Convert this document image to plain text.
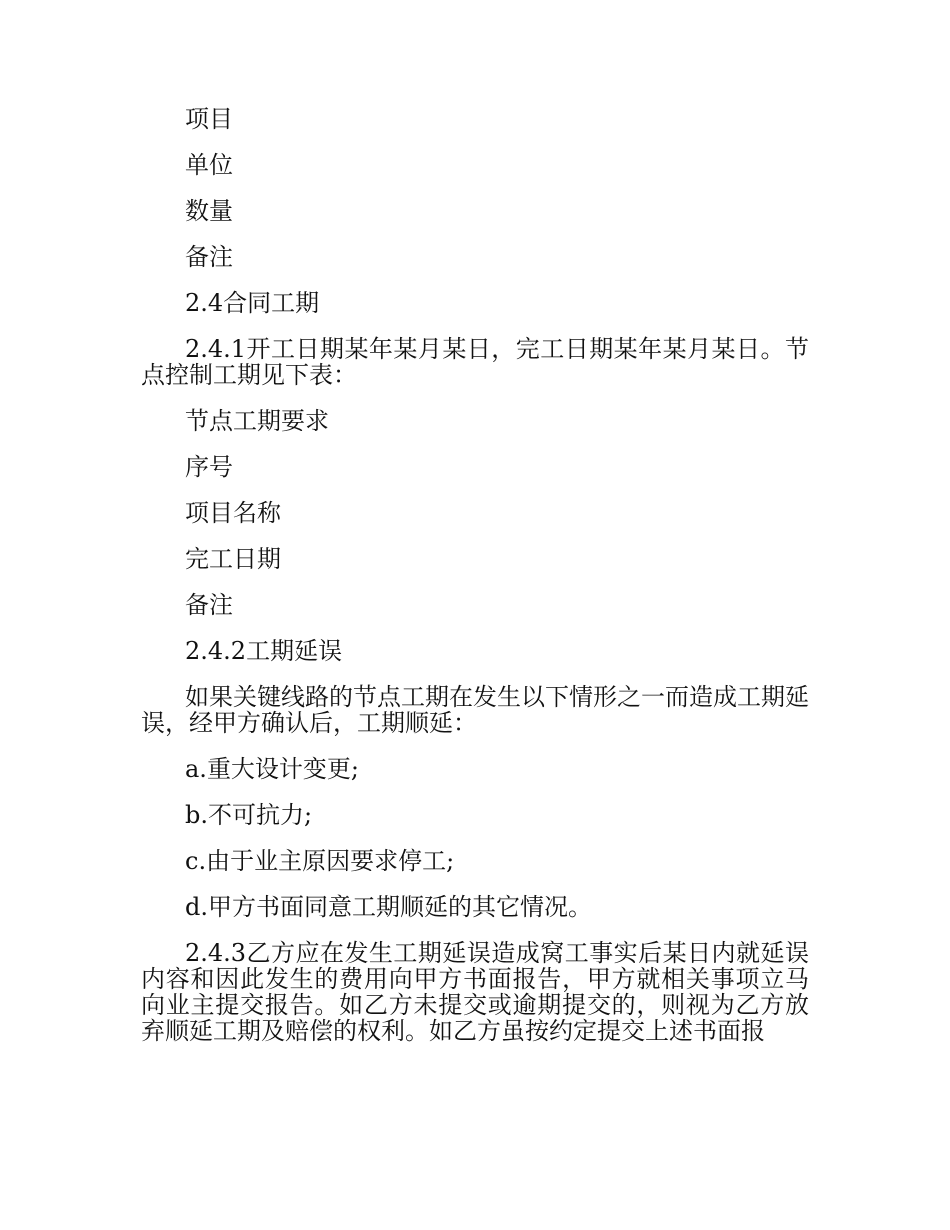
项目

单位

数量

备注

2.4合同工期

2.4.1开工日期某年某月某日，完工日期某年某月某日。节点控制工期见下表：

节点工期要求

序号

项目名称

完工日期

备注

2.4.2工期延误

如果关键线路的节点工期在发生以下情形之一而造成工期延误，经甲方确认后，工期顺延：

a.重大设计变更;

b.不可抗力;

c.由于业主原因要求停工;

d.甲方书面同意工期顺延的其它情况。

2.4.3乙方应在发生工期延误造成窝工事实后某日内就延误内容和因此发生的费用向甲方书面报告，甲方就相关事项立马向业主提交报告。如乙方未提交或逾期提交的，则视为乙方放弃顺延工期及赔偿的权利。如乙方虽按约定提交上述书面报
